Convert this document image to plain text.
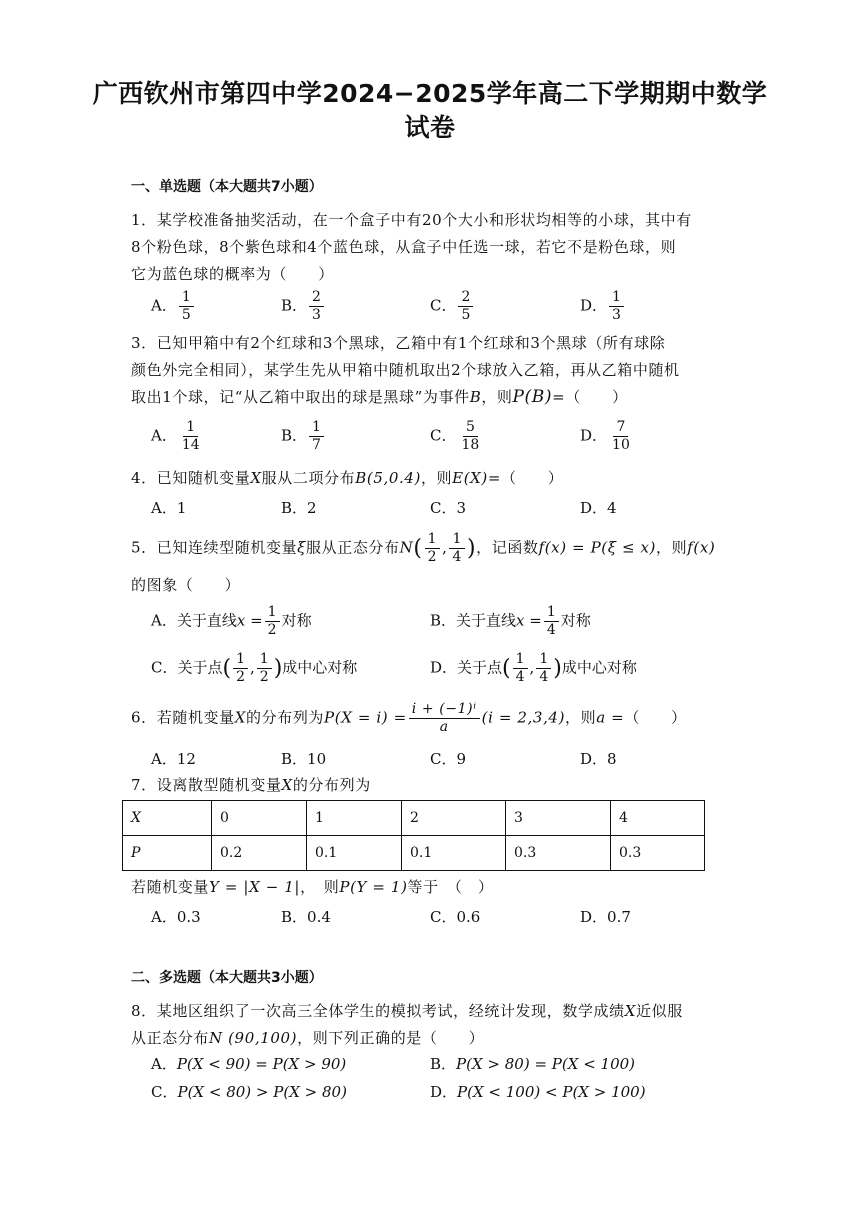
广西钦州市第四中学2024−2025学年高二下学期期中数学
试卷
一、单选题（本大题共7小题）
1．某学校准备抽奖活动，在一个盒子中有20个大小和形状均相等的小球，其中有
8个粉色球，8个紫色球和4个蓝色球，从盒子中任选一球，若它不是粉色球，则
它为蓝色球的概率为（　　）
A． $\frac{1}{5}$	B． $\frac{2}{3}$	C． $\frac{2}{5}$	D． $\frac{1}{3}$
3．已知甲箱中有2个红球和3个黑球，乙箱中有1个红球和3个黑球（所有球除
颜色外完全相同），某学生先从甲箱中随机取出2个球放入乙箱，再从乙箱中随机
取出1个球，记“从乙箱中取出的球是黑球”为事件B，则P(B)=（　　）
A． $\frac{1}{14}$	B． $\frac{1}{7}$	C． $\frac{5}{18}$	D． $\frac{7}{10}$
4．已知随机变量X服从二项分布B(5,0.4)，则E(X)=（　　）
A．1	B．2	C．3	D．4
5．已知连续型随机变量ξ服从正态分布$N( \frac{1}{2}$ , $\frac{1}{4}$ )，记函数f(x) = P(ξ ≤ x)，则f(x)
的图象（　　）
A．关于直线$x = \frac{1}{2}$ 对称	B．关于直线$x = \frac{1}{4}$ 对称
C．关于点( $\frac{1}{2}$ , $\frac{1}{2}$ )成中心对称	D．关于点( $\frac{1}{4}$ , $\frac{1}{4}$ )成中心对称
6．若随机变量X的分布列为$P(X = i) = \frac{\text{i + (−1)ⁱ}}{a} (i = 2,3,4)$，则a =（　　）
A．12	B．10	C．9	D．8
7．设离散型随机变量X的分布列为
X	0	1	2	3	4
P	0.2	0.1	0.1	0.3	0.3
若随机变量Y = |X − 1|，　则P(Y = 1)等于　（　）
A．0.3	B．0.4	C．0.6	D．0.7
二、多选题（本大题共3小题）
8．某地区组织了一次高三全体学生的模拟考试，经统计发现，数学成绩X近似服
从正态分布N (90,100)，则下列正确的是（　　）
A．P(X < 90) = P(X > 90)	B．P(X > 80) = P(X < 100)
C．P(X < 80) > P(X > 80)	D．P(X < 100) < P(X > 100)
